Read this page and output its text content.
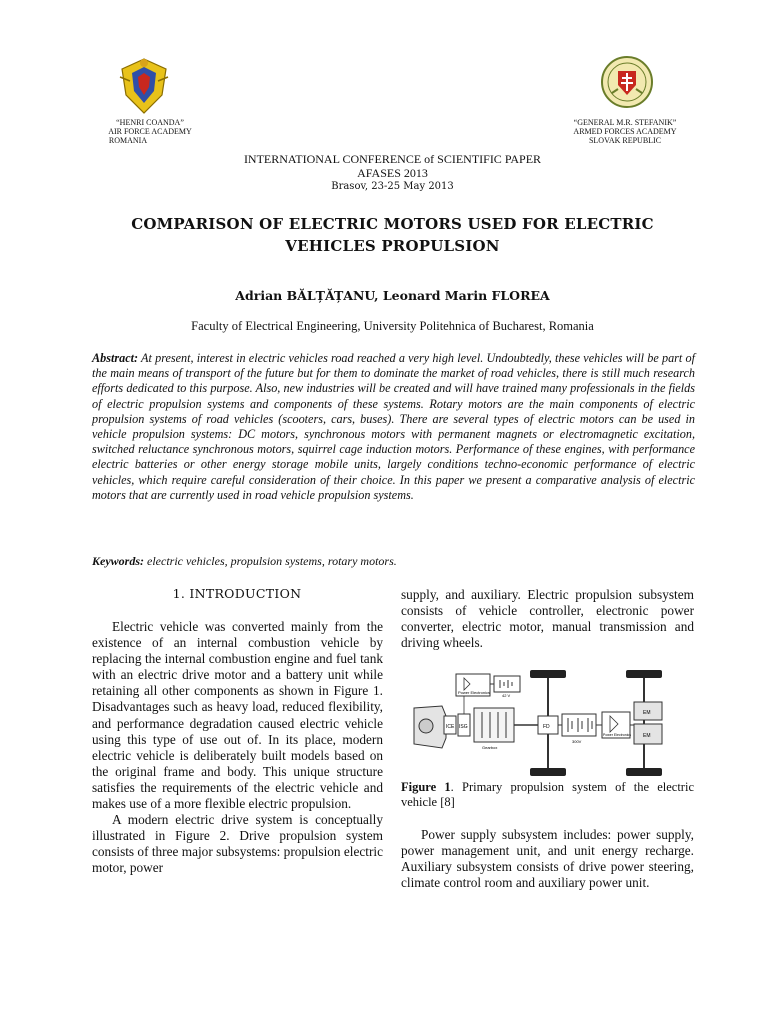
“HENRI COANDA”
AIR FORCE ACADEMY
ROMANIA
“GENERAL M.R. STEFANIK”
ARMED FORCES ACADEMY
SLOVAK REPUBLIC
INTERNATIONAL CONFERENCE of SCIENTIFIC PAPER
AFASES 2013
Brasov, 23-25 May 2013
COMPARISON OF ELECTRIC MOTORS USED FOR ELECTRIC
VEHICLES PROPULSION
Adrian BĂLȚĂȚANU, Leonard Marin FLOREA
Faculty of Electrical Engineering, University Politehnica of Bucharest, Romania
Abstract: At present, interest in electric vehicles road reached a very high level. Undoubtedly, these vehicles will be part of the main means of transport of the future but for them to dominate the market of road vehicles, there is still much research efforts dedicated to this purpose. Also, new industries will be created and will have trained many professionals in the fields of electric propulsion systems and components of these systems. Rotary motors are the main components of electric propulsion systems of road vehicles (scooters, cars, buses). There are several types of electric motors can be used in vehicle propulsion systems: DC motors, synchronous motors with permanent magnets or electromagnetic excitation, switched reluctance synchronous motors, squirrel cage induction motors. Performance of these engines, with performance electric batteries or other energy storage mobile units, largely conditions techno-economic performance of electric vehicles, which require careful consideration of their choice. In this paper we present a comparative analysis of electric motors that are currently used in road vehicle propulsion systems.
Keywords: electric vehicles, propulsion systems, rotary motors.
1. INTRODUCTION

Electric vehicle was converted mainly from the existence of an internal combustion vehicle by replacing the internal combustion engine and fuel tank with an electric drive motor and a battery unit while retaining all other components as shown in Figure 1. Disadvantages such as heavy load, reduced flexibility, and performance degradation caused electric vehicle using this type of use out of. In its place, modern electric vehicle is deliberately built models based on the original frame and body. This unique structure satisfies the requirements of the electric vehicle and makes use of a more flexible electric propulsion.

A modern electric drive system is conceptually illustrated in Figure 2. Drive propulsion system consists of three major subsystems: propulsion electric motor, power

supply, and auxiliary. Electric propulsion subsystem consists of vehicle controller, electronic power converter, electric motor, manual transmission and driving wheels.

Power Electronics
42 V
ICE ISG
Gearbox
FD
300V
Power Electronics
EM
EM
Figure 1. Primary propulsion system of the electric vehicle [8]

Power supply subsystem includes: power supply, power management unit, and unit energy recharge. Auxiliary subsystem consists of drive power steering, climate control room and auxiliary power unit.
